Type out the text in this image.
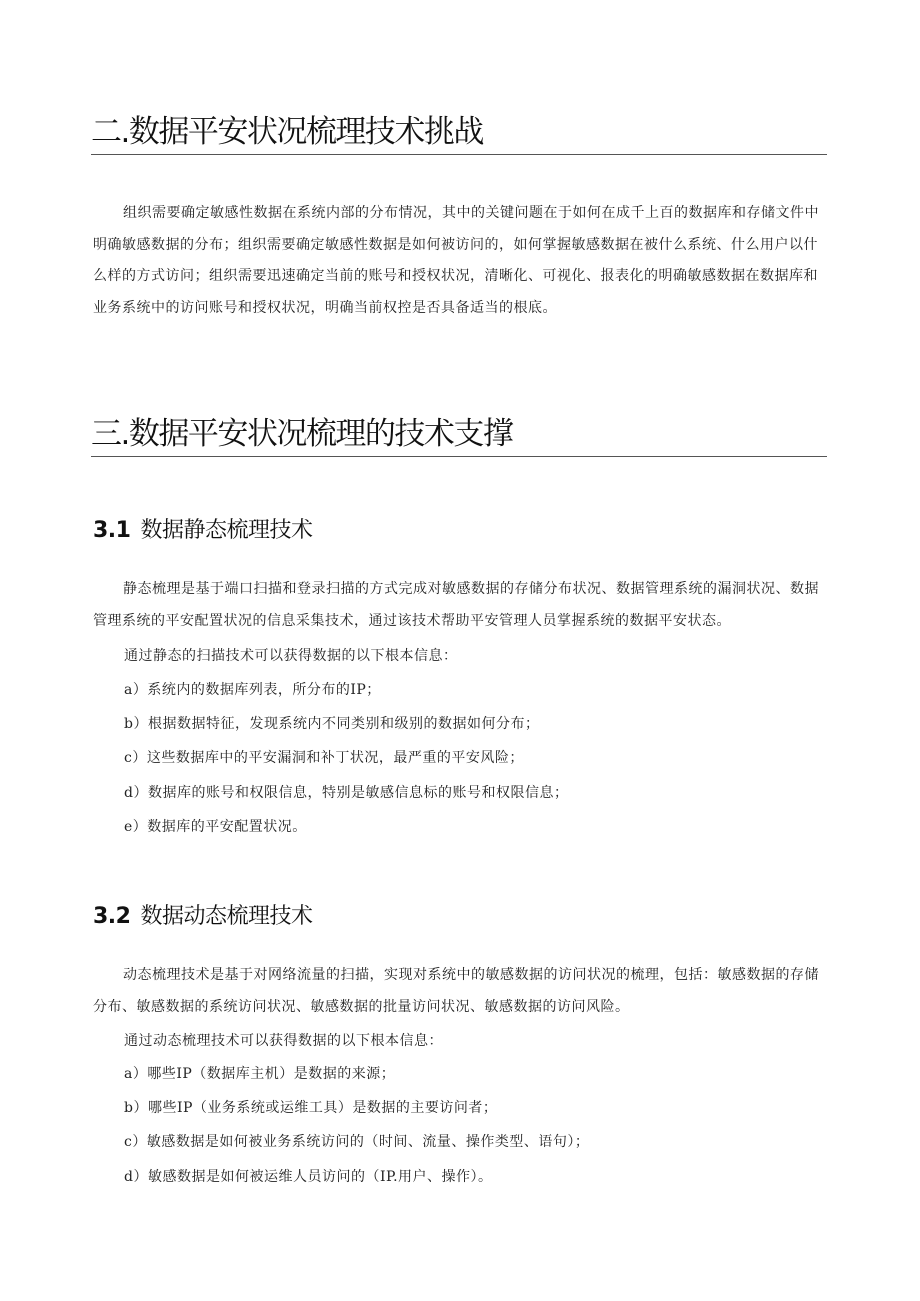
二.数据平安状况梳理技术挑战

组织需要确定敏感性数据在系统内部的分布情况，其中的关键问题在于如何在成千上百的数据库和存储文件中明确敏感数据的分布；组织需要确定敏感性数据是如何被访问的，如何掌握敏感数据在被什么系统、什么用户以什么样的方式访问；组织需要迅速确定当前的账号和授权状况，清晰化、可视化、报表化的明确敏感数据在数据库和业务系统中的访问账号和授权状况，明确当前权控是否具备适当的根底。

三.数据平安状况梳理的技术支撑
3.1 数据静态梳理技术

静态梳理是基于端口扫描和登录扫描的方式完成对敏感数据的存储分布状况、数据管理系统的漏洞状况、数据管理系统的平安配置状况的信息采集技术，通过该技术帮助平安管理人员掌握系统的数据平安状态。

通过静态的扫描技术可以获得数据的以下根本信息：

a）系统内的数据库列表，所分布的IP；
b）根据数据特征，发现系统内不同类别和级别的数据如何分布；
c）这些数据库中的平安漏洞和补丁状况，最严重的平安风险；
d）数据库的账号和权限信息，特别是敏感信息标的账号和权限信息；
e）数据库的平安配置状况。
3.2 数据动态梳理技术

动态梳理技术是基于对网络流量的扫描，实现对系统中的敏感数据的访问状况的梳理，包括：敏感数据的存储分布、敏感数据的系统访问状况、敏感数据的批量访问状况、敏感数据的访问风险。

通过动态梳理技术可以获得数据的以下根本信息：

a）哪些IP（数据库主机）是数据的来源；
b）哪些IP（业务系统或运维工具）是数据的主要访问者；
c）敏感数据是如何被业务系统访问的（时间、流量、操作类型、语句）；
d）敏感数据是如何被运维人员访问的（IP.用户、操作）。
